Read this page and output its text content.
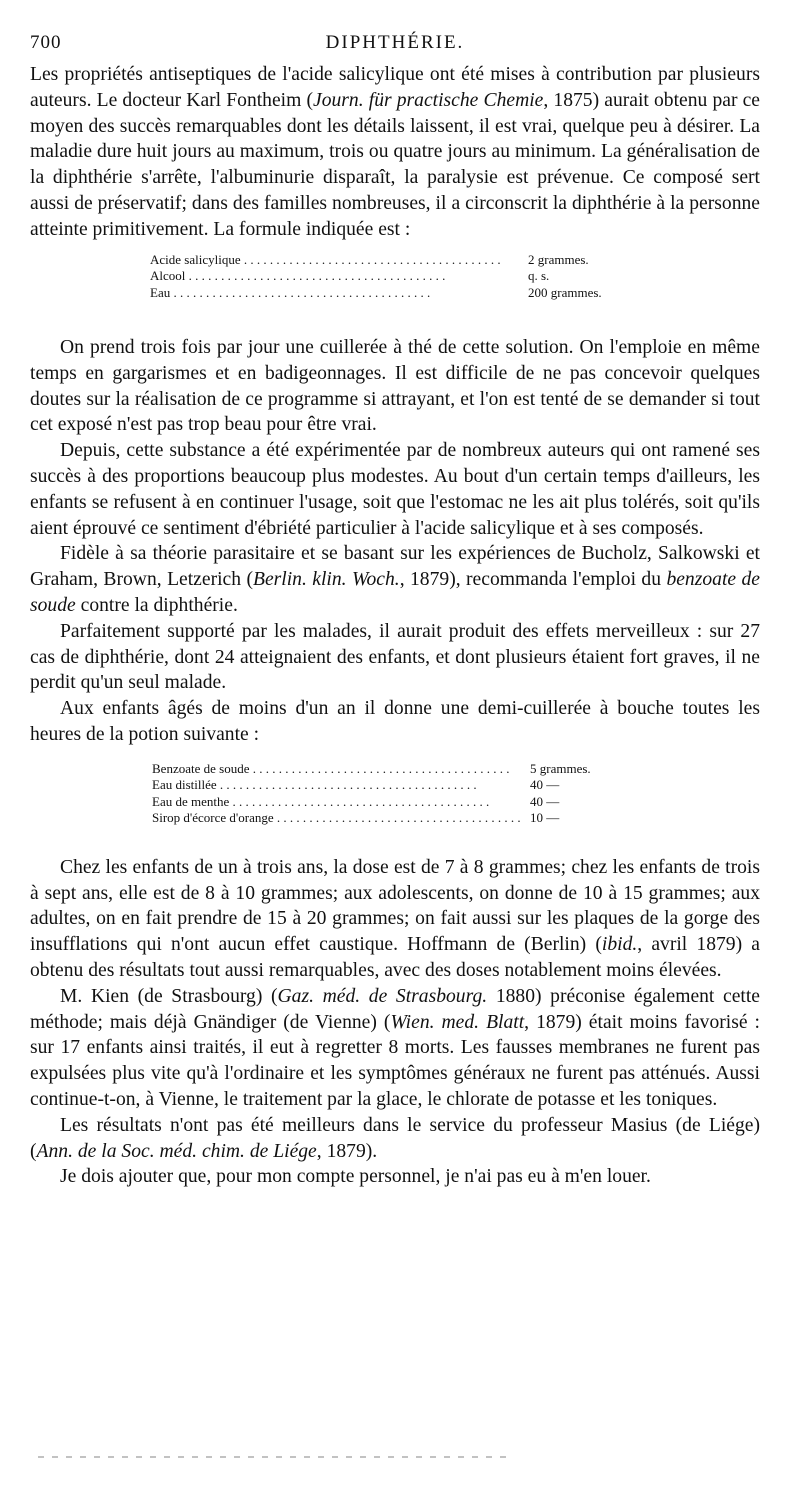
700	DIPHTHÉRIE.

Les propriétés antiseptiques de l'acide salicylique ont été mises à contribution par plusieurs auteurs. Le docteur Karl Fontheim (Journ. für practische Chemie, 1875) aurait obtenu par ce moyen des succès remarquables dont les détails laissent, il est vrai, quelque peu à désirer. La maladie dure huit jours au maximum, trois ou quatre jours au minimum. La généralisation de la diphthérie s'arrête, l'albuminurie disparaît, la paralysie est prévenue. Ce composé sert aussi de préservatif; dans des familles nombreuses, il a circonscrit la diphthérie à la personne atteinte primitivement. La formule indiquée est :

Acide salicylique . . .	2 grammes.
Alcool . . .	q. s.
Eau . . .	200 grammes.

On prend trois fois par jour une cuillerée à thé de cette solution. On l'emploie en même temps en gargarismes et en badigeonnages. Il est difficile de ne pas concevoir quelques doutes sur la réalisation de ce programme si attrayant, et l'on est tenté de se demander si tout cet exposé n'est pas trop beau pour être vrai.

Depuis, cette substance a été expérimentée par de nombreux auteurs qui ont ramené ses succès à des proportions beaucoup plus modestes. Au bout d'un certain temps d'ailleurs, les enfants se refusent à en continuer l'usage, soit que l'estomac ne les ait plus tolérés, soit qu'ils aient éprouvé ce sentiment d'ébriété particulier à l'acide salicylique et à ses composés.

Fidèle à sa théorie parasitaire et se basant sur les expériences de Bucholz, Salkowski et Graham, Brown, Letzerich (Berlin. klin. Woch., 1879), recommanda l'emploi du benzoate de soude contre la diphthérie.

Parfaitement supporté par les malades, il aurait produit des effets merveilleux : sur 27 cas de diphthérie, dont 24 atteignaient des enfants, et dont plusieurs étaient fort graves, il ne perdit qu'un seul malade.

Aux enfants âgés de moins d'un an il donne une demi-cuillerée à bouche toutes les heures de la potion suivante :

Benzoate de soude . . .	5 grammes.
Eau distillée . . .	40 —
Eau de menthe . . .	40 —
Sirop d'écorce d'orange . . .	10 —

Chez les enfants de un à trois ans, la dose est de 7 à 8 grammes; chez les enfants de trois à sept ans, elle est de 8 à 10 grammes; aux adolescents, on donne de 10 à 15 grammes; aux adultes, on en fait prendre de 15 à 20 grammes; on fait aussi sur les plaques de la gorge des insufflations qui n'ont aucun effet caustique. Hoffmann de (Berlin) (ibid., avril 1879) a obtenu des résultats tout aussi remarquables, avec des doses notablement moins élevées.

M. Kien (de Strasbourg) (Gaz. méd. de Strasbourg. 1880) préconise également cette méthode; mais déjà Gnändiger (de Vienne) (Wien. med. Blatt, 1879) était moins favorisé : sur 17 enfants ainsi traités, il eut à regretter 8 morts. Les fausses membranes ne furent pas expulsées plus vite qu'à l'ordinaire et les symptômes généraux ne furent pas atténués. Aussi continue-t-on, à Vienne, le traitement par la glace, le chlorate de potasse et les toniques.

Les résultats n'ont pas été meilleurs dans le service du professeur Masius (de Liége) (Ann. de la Soc. méd. chim. de Liége, 1879).

Je dois ajouter que, pour mon compte personnel, je n'ai pas eu à m'en louer.
